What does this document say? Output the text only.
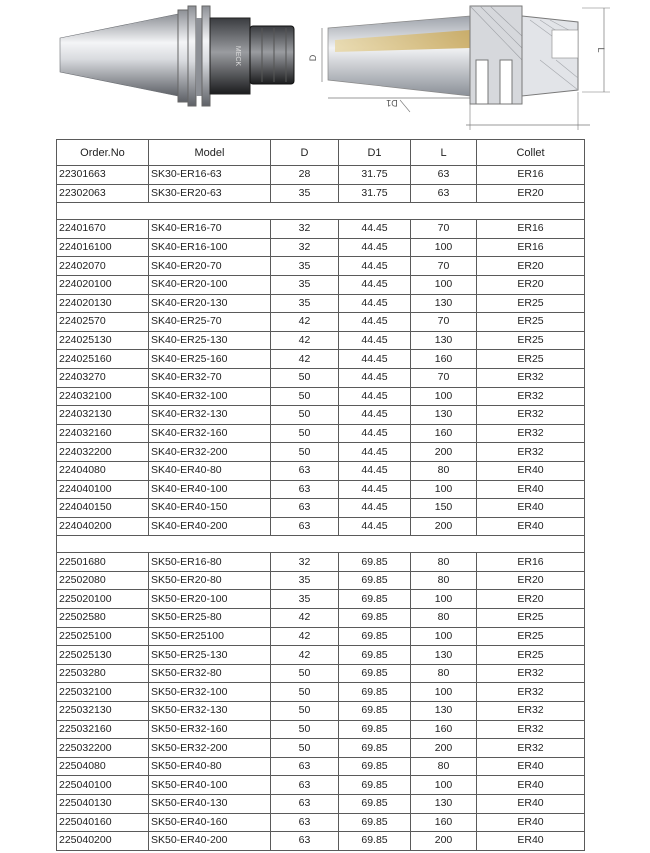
MECK	D
D1
L
Order.No	Model	D	D1	L	Collet
22301663	SK30-ER16-63	28	31.75	63	ER16
22302063	SK30-ER20-63	35	31.75	63	ER20

22401670	SK40-ER16-70	32	44.45	70	ER16
224016100	SK40-ER16-100	32	44.45	100	ER16
22402070	SK40-ER20-70	35	44.45	70	ER20
224020100	SK40-ER20-100	35	44.45	100	ER20
224020130	SK40-ER20-130	35	44.45	130	ER25
22402570	SK40-ER25-70	42	44.45	70	ER25
224025130	SK40-ER25-130	42	44.45	130	ER25
224025160	SK40-ER25-160	42	44.45	160	ER25
22403270	SK40-ER32-70	50	44.45	70	ER32
224032100	SK40-ER32-100	50	44.45	100	ER32
224032130	SK40-ER32-130	50	44.45	130	ER32
224032160	SK40-ER32-160	50	44.45	160	ER32
224032200	SK40-ER32-200	50	44.45	200	ER32
22404080	SK40-ER40-80	63	44.45	80	ER40
224040100	SK40-ER40-100	63	44.45	100	ER40
224040150	SK40-ER40-150	63	44.45	150	ER40
224040200	SK40-ER40-200	63	44.45	200	ER40

22501680	SK50-ER16-80	32	69.85	80	ER16
22502080	SK50-ER20-80	35	69.85	80	ER20
225020100	SK50-ER20-100	35	69.85	100	ER20
22502580	SK50-ER25-80	42	69.85	80	ER25
225025100	SK50-ER25100	42	69.85	100	ER25
225025130	SK50-ER25-130	42	69.85	130	ER25
22503280	SK50-ER32-80	50	69.85	80	ER32
225032100	SK50-ER32-100	50	69.85	100	ER32
225032130	SK50-ER32-130	50	69.85	130	ER32
225032160	SK50-ER32-160	50	69.85	160	ER32
225032200	SK50-ER32-200	50	69.85	200	ER32
22504080	SK50-ER40-80	63	69.85	80	ER40
225040100	SK50-ER40-100	63	69.85	100	ER40
225040130	SK50-ER40-130	63	69.85	130	ER40
225040160	SK50-ER40-160	63	69.85	160	ER40
225040200	SK50-ER40-200	63	69.85	200	ER40
